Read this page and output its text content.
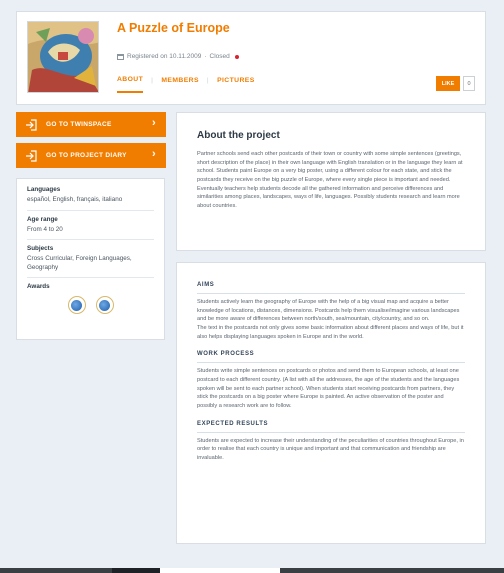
A Puzzle of Europe
Registered on 10.11.2009 · Closed
ABOUT | MEMBERS | PICTURES	LIKE	0
GO TO TWINSPACE	›
GO TO PROJECT DIARY ›
Languages
español, English, français, italiano
Age range
From 4 to 20
Subjects
Cross Curricular, Foreign Languages, Geography
Awards
About the project

Partner schools send each other postcards of their town or country with some simple sentences (greetings, short description of the place) in their own language with English translation or in the language they learn at school. Students paint Europe on a very big poster, using a different colour for each state, and stick the postcards they receive on the big puzzle of Europe, where every single piece is important and needed. Eventually teachers help students decode all the gathered information and perceive differences and similarities among places, landscapes, ways of life, languages. Possibly students research and learn more about countries.

AIMS

Students actively learn the geography of Europe with the help of a big visual map and acquire a better knowledge of locations, distances, dimensions. Postcards help them visualise/imagine various landscapes and be more aware of differences between north/south, sea/mountain, city/country, and so on.

The text in the postcards not only gives some basic information about different places and ways of life, but it also helps displaying languages spoken in Europe and in the world.

WORK PROCESS

Students write simple sentences on postcards or photos and send them to European schools, at least one postcard to each different country. (A list with all the addresses, the age of the students and the languages spoken will be sent to each partner school). When students start receiving postcards from partners, they stick the postcards on a big poster where Europe is painted. An active observation of the poster and possibly a research work are to follow.

EXPECTED RESULTS

Students are expected to increase their understanding of the peculiarities of countries throughout Europe, in order to realise that each country is unique and important and that communication and friendship are invaluable.
